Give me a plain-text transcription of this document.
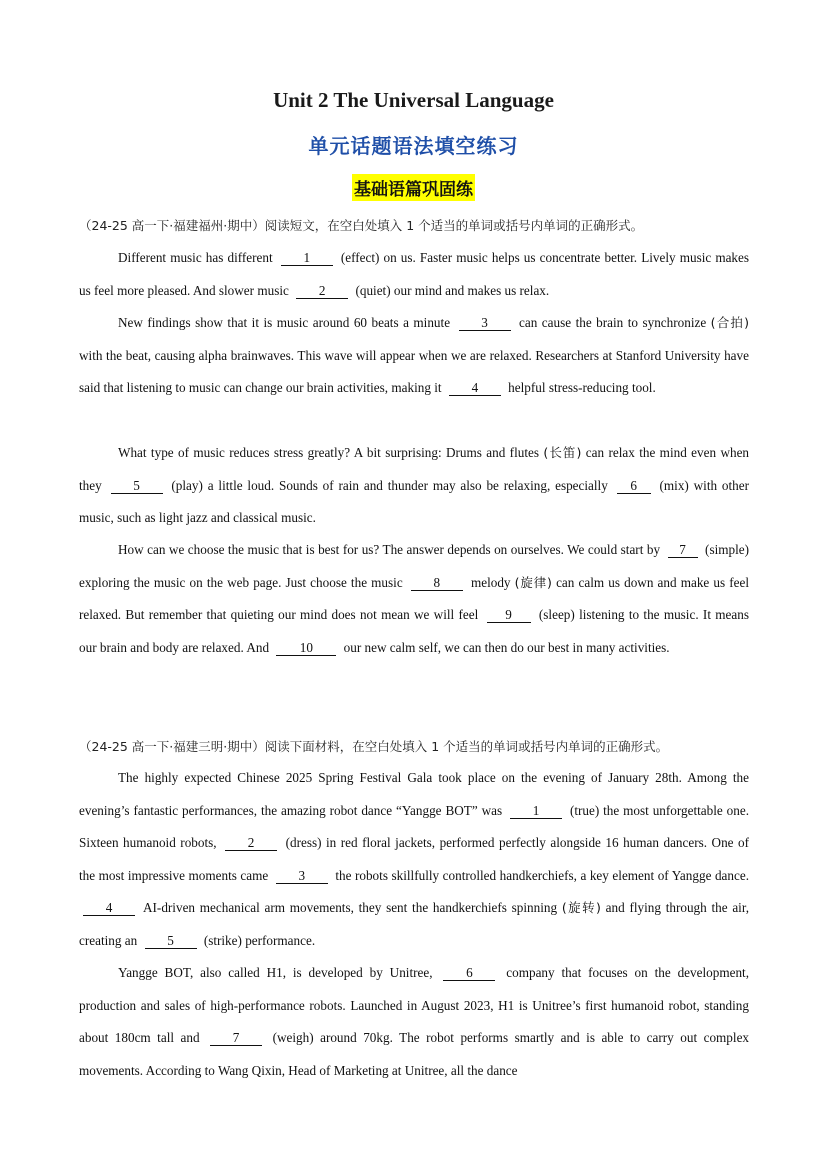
Unit 2 The Universal Language
单元话题语法填空练习
基础语篇巩固练
（24-25 高一下·福建福州·期中）阅读短文，在空白处填入 1 个适当的单词或括号内单词的正确形式。

Different music has different 1 (effect) on us. Faster music helps us concentrate better. Lively music makes us feel more pleased. And slower music 2 (quiet) our mind and makes us relax.

New findings show that it is music around 60 beats a minute 3 can cause the brain to synchronize (合拍) with the beat, causing alpha brainwaves. This wave will appear when we are relaxed. Researchers at Stanford University have said that listening to music can change our brain activities, making it 4 helpful stress-reducing tool.

What type of music reduces stress greatly? A bit surprising: Drums and flutes (长笛) can relax the mind even when they 5 (play) a little loud. Sounds of rain and thunder may also be relaxing, especially 6 (mix) with other music, such as light jazz and classical music.

How can we choose the music that is best for us? The answer depends on ourselves. We could start by 7 (simple) exploring the music on the web page. Just choose the music 8 melody (旋律) can calm us down and make us feel relaxed. But remember that quieting our mind does not mean we will feel 9 (sleep) listening to the music. It means our brain and body are relaxed. And 10 our new calm self, we can then do our best in many activities.

（24-25 高一下·福建三明·期中）阅读下面材料，在空白处填入 1 个适当的单词或括号内单词的正确形式。

The highly expected Chinese 2025 Spring Festival Gala took place on the evening of January 28th. Among the evening’s fantastic performances, the amazing robot dance “Yangge BOT” was 1 (true) the most unforgettable one. Sixteen humanoid robots, 2 (dress) in red floral jackets, performed perfectly alongside 16 human dancers. One of the most impressive moments came 3 the robots skillfully controlled handkerchiefs, a key element of Yangge dance. 4 AI-driven mechanical arm movements, they sent the handkerchiefs spinning (旋转) and flying through the air, creating an 5 (strike) performance.

Yangge BOT, also called H1, is developed by Unitree,	6	company that focuses on the development, production and sales of high-performance robots. Launched in August 2023, H1 is Unitree’s first humanoid robot, standing about 180cm tall and	7	(weigh) around 70kg. The robot performs smartly and is able to carry out complex movements. According to Wang Qixin, Head of Marketing at Unitree, all the dance
